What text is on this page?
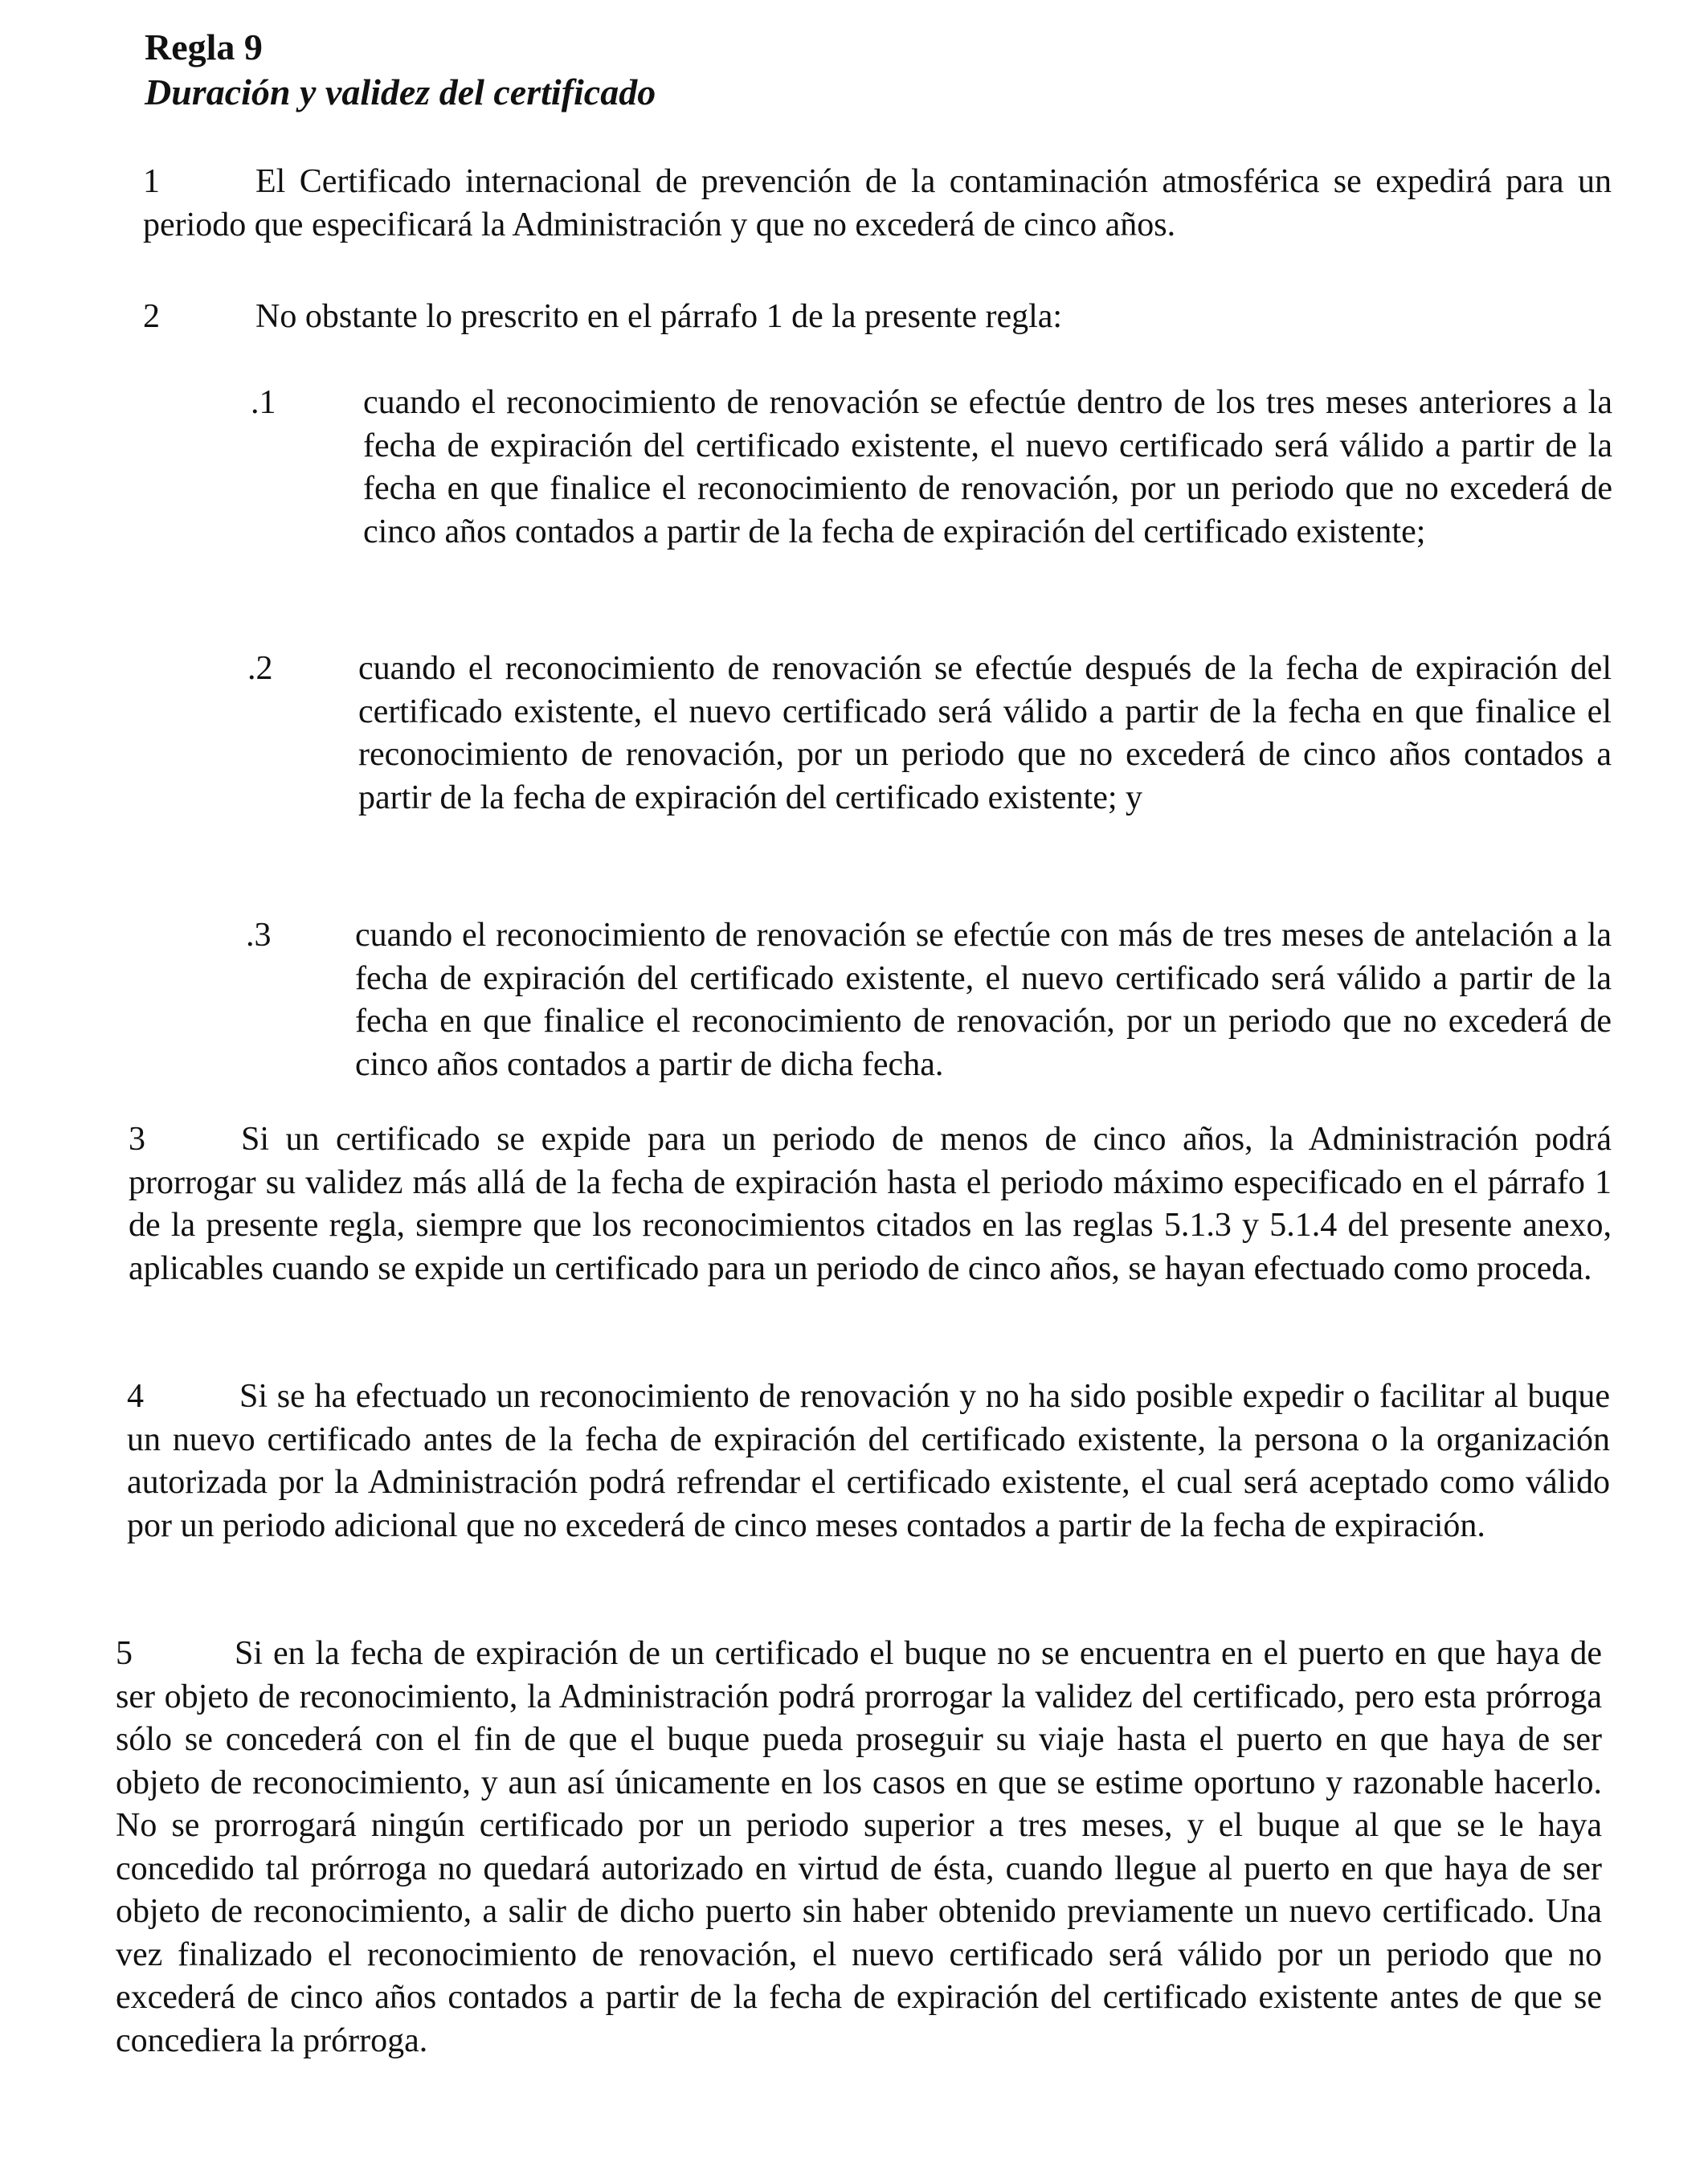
Regla 9
Duración y validez del certificado

1	El Certificado internacional de prevención de la contaminación atmosférica se expedirá para un periodo que especificará la Administración y que no excederá de cinco años.

2	No obstante lo prescrito en el párrafo 1 de la presente regla:

.1	cuando el reconocimiento de renovación se efectúe dentro de los tres meses anteriores a la fecha de expiración del certificado existente, el nuevo certificado será válido a partir de la fecha en que finalice el reconocimiento de renovación, por un periodo que no excederá de cinco años contados a partir de la fecha de expiración del certificado existente;

.2	cuando el reconocimiento de renovación se efectúe después de la fecha de expiración del certificado existente, el nuevo certificado será válido a partir de la fecha en que finalice el reconocimiento de renovación, por un periodo que no excederá de cinco años contados a partir de la fecha de expiración del certificado existente; y

.3 cuando el reconocimiento de renovación se efectúe con más de tres meses de antelación a la fecha de expiración del certificado existente, el nuevo certificado será válido a partir de la fecha en que finalice el reconocimiento de renovación, por un periodo que no excederá de cinco años contados a partir de dicha fecha.

3	Si un certificado se expide para un periodo de menos de cinco años, la Administración podrá prorrogar su validez más allá de la fecha de expiración hasta el periodo máximo especificado en el párrafo 1 de la presente regla, siempre que los reconocimientos citados en las reglas 5.1.3 y 5.1.4 del presente anexo, aplicables cuando se expide un certificado para un periodo de cinco años, se hayan efectuado como proceda.

4	Si se ha efectuado un reconocimiento de renovación y no ha sido posible expedir o facilitar al buque un nuevo certificado antes de la fecha de expiración del certificado existente, la persona o la organización autorizada por la Administración podrá refrendar el certificado existente, el cual será aceptado como válido por un periodo adicional que no excederá de cinco meses contados a partir de la fecha de expiración.

5	Si en la fecha de expiración de un certificado el buque no se encuentra en el puerto en que haya de ser objeto de reconocimiento, la Administración podrá prorrogar la validez del certificado, pero esta prórroga sólo se concederá con el fin de que el buque pueda proseguir su viaje hasta el puerto en que haya de ser objeto de reconocimiento, y aun así únicamente en los casos en que se estime oportuno y razonable hacerlo. No se prorrogará ningún certificado por un periodo superior a tres meses, y el buque al que se le haya concedido tal prórroga no quedará autorizado en virtud de ésta, cuando llegue al puerto en que haya de ser objeto de reconocimiento, a salir de dicho puerto sin haber obtenido previamente un nuevo certificado. Una vez finalizado el reconocimiento de renovación, el nuevo certificado será válido por un periodo que no excederá de cinco años contados a partir de la fecha de expiración del certificado existente antes de que se concediera la prórroga.
